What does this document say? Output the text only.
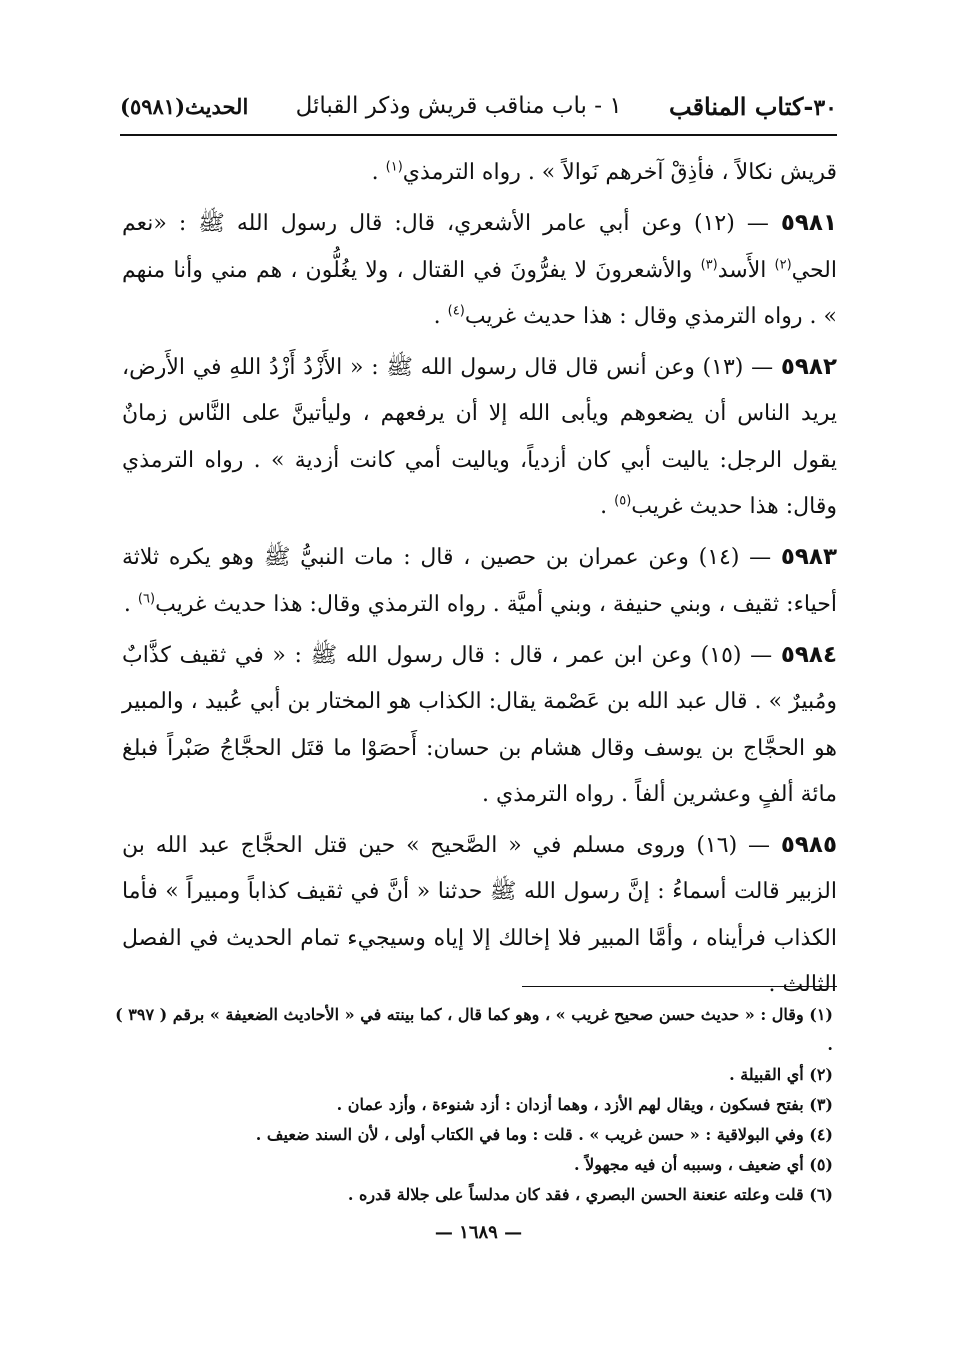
٣٠-كتاب المناقب
١ - باب مناقب قريش وذكر القبائل
الحديث(٥٩٨١)

قريش نكالاً ، فأذِقْ آخرهم نَوالاً » . رواه الترمذي$^{(١)}$ .

٥٩٨١ — (١٢) وعن أبي عامر الأشعري، قال: قال رسول الله ﷺ : «نعم الحي$^{(٢)}$ الأَسد$^{(٣)}$ والأشعرونَ لا يفرُّونَ في القتال ، ولا يغُلُّون ، هم مني وأنا منهم » . رواه الترمذي وقال : هذا حديث غريب$^{(٤)}$ .

٥٩٨٢ — (١٣) وعن أنس قال قال رسول الله ﷺ : « الأَزْدُ أَزْدُ اللهِ في الأَرض، يريد الناس أن يضعوهم ويأبى الله إلا أن يرفعهم ، وليأتينَّ على النَّاس زمانٌ يقول الرجل: ياليت أبي كان أزدياً، وياليت أمي كانت أزدية » . رواه الترمذي وقال: هذا حديث غريب$^{(٥)}$ .

٥٩٨٣ — (١٤) وعن عمران بن حصين ، قال : مات النبيُّ ﷺ وهو يكره ثلاثة أحياء: ثقيف ، وبني حنيفة ، وبني أميَّة . رواه الترمذي وقال: هذا حديث غريب$^{(٦)}$ .

٥٩٨٤ — (١٥) وعن ابن عمر ، قال : قال رسول الله ﷺ : « في ثقيف كذَّابٌ ومُبيرٌ » . قال عبد الله بن عَصْمة يقال: الكذاب هو المختار بن أبي عُبيد ، والمبير هو الحجَّاج بن يوسف وقال هشام بن حسان: أَحصَوْا ما قتَل الحجَّاجُ صَبْراً فبلغ مائة ألفٍ وعشرين ألفاً . رواه الترمذي .

٥٩٨٥ — (١٦) وروى مسلم في « الصَّحيح » حين قتل الحجَّاج عبد الله بن الزبير قالت أسماءُ : إنَّ رسول الله ﷺ حدثنا « أنَّ في ثقيف كذاباً ومبيراً » فأما الكذاب فرأيناه ، وأمَّا المبير فلا إخالك إلا إياه وسيجيء تمام الحديث في الفصل الثالث .

(١) وقال : « حديث حسن صحيح غريب » ، وهو كما قال ، كما بينته في « الأحاديث الضعيفة » برقم ( ٣٩٧ ) .
(٢) أي القبيلة .
(٣) بفتح فسكون ، ويقال لهم الأزد ، وهما أزدان : أزد شنوءة ، وأزد عمان .
(٤) وفي البولاقية : « حسن غريب » . قلت : وما في الكتاب أولى ، لأن السند ضعيف .
(٥) أي ضعيف ، وسببه أن فيه مجهولاً .
(٦) قلت وعلته عنعنة الحسن البصري ، فقد كان مدلساً على جلالة قدره .
— ١٦٨٩ —
